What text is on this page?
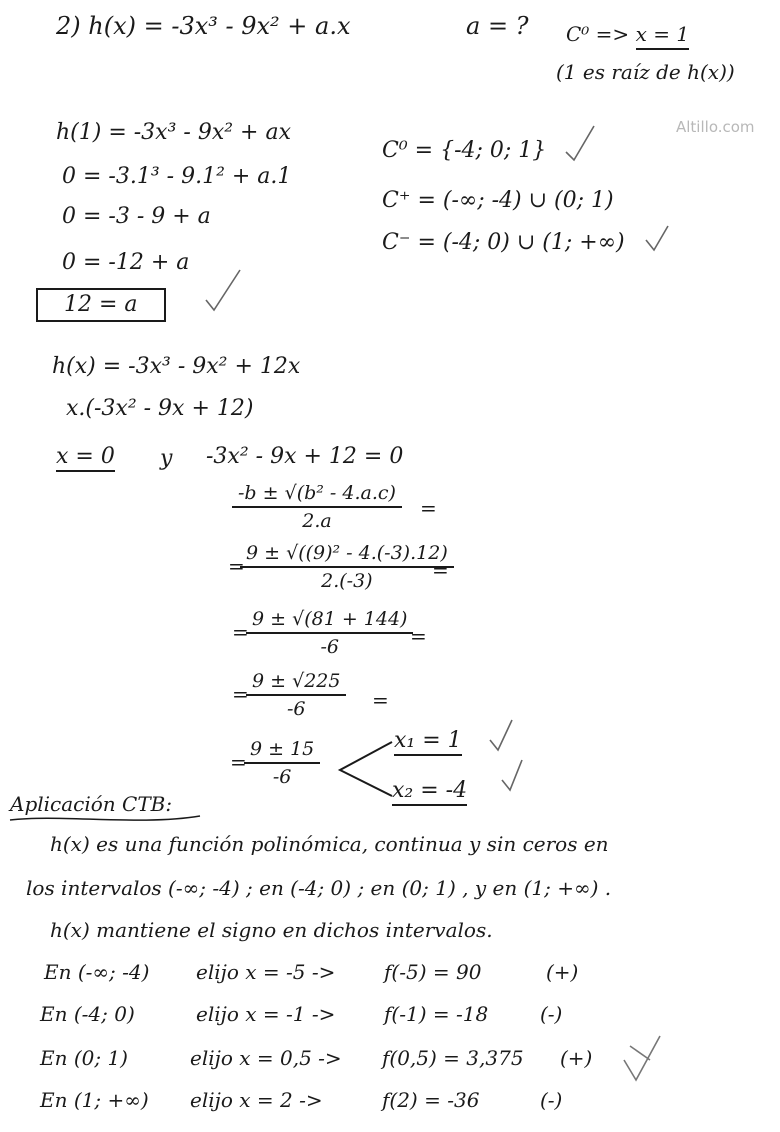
Altillo.com
2) h(x) = -3x³ - 9x² + a.x	a = ? C⁰ => x = 1
(1 es raíz de h(x))
h(1) = -3x³ - 9x² + ax
0 = -3.1³ - 9.1² + a.1
0 = -3 - 9 + a
0 = -12 + a
12 = a
C⁰ = {-4; 0; 1}
C⁺ = (-∞; -4) ∪ (0; 1)
C⁻ = (-4; 0) ∪ (1; +∞)
h(x) = -3x³ - 9x² + 12x
x.(-3x² - 9x + 12)
x = 0 y -3x² - 9x + 12 = 0
$\frac{\text{-b ± √(b² - 4.a.c)}}{2.a}$ =
=
$\frac{\text{9 ± √((9)² - 4.(-3).12)}}{2.(-3)}$
=
=
$\frac{9 \pm √(81 + 144)}{-6}$
=
=
$\frac{9 \pm √225}{-6}$ =
=
$\frac{9 \pm 15}{-6}$	x₁ = 1
x₂ = -4
Aplicación CTB:
h(x) es una función polinómica, continua y sin ceros en
los intervalos (-∞; -4) ; en (-4; 0) ; en (0; 1) , y en (1; +∞) .
h(x) mantiene el signo en dichos intervalos.
En (-∞; -4) elijo x = -5 -> f(-5) = 90	(+)
En (-4; 0)	elijo x = -1 -> f(-1) = -18	(-)
En (0; 1)	elijo x = 0,5 -> f(0,5) = 3,375 (+)
En (1; +∞) elijo x = 2 ->	f(2) = -36	(-)
